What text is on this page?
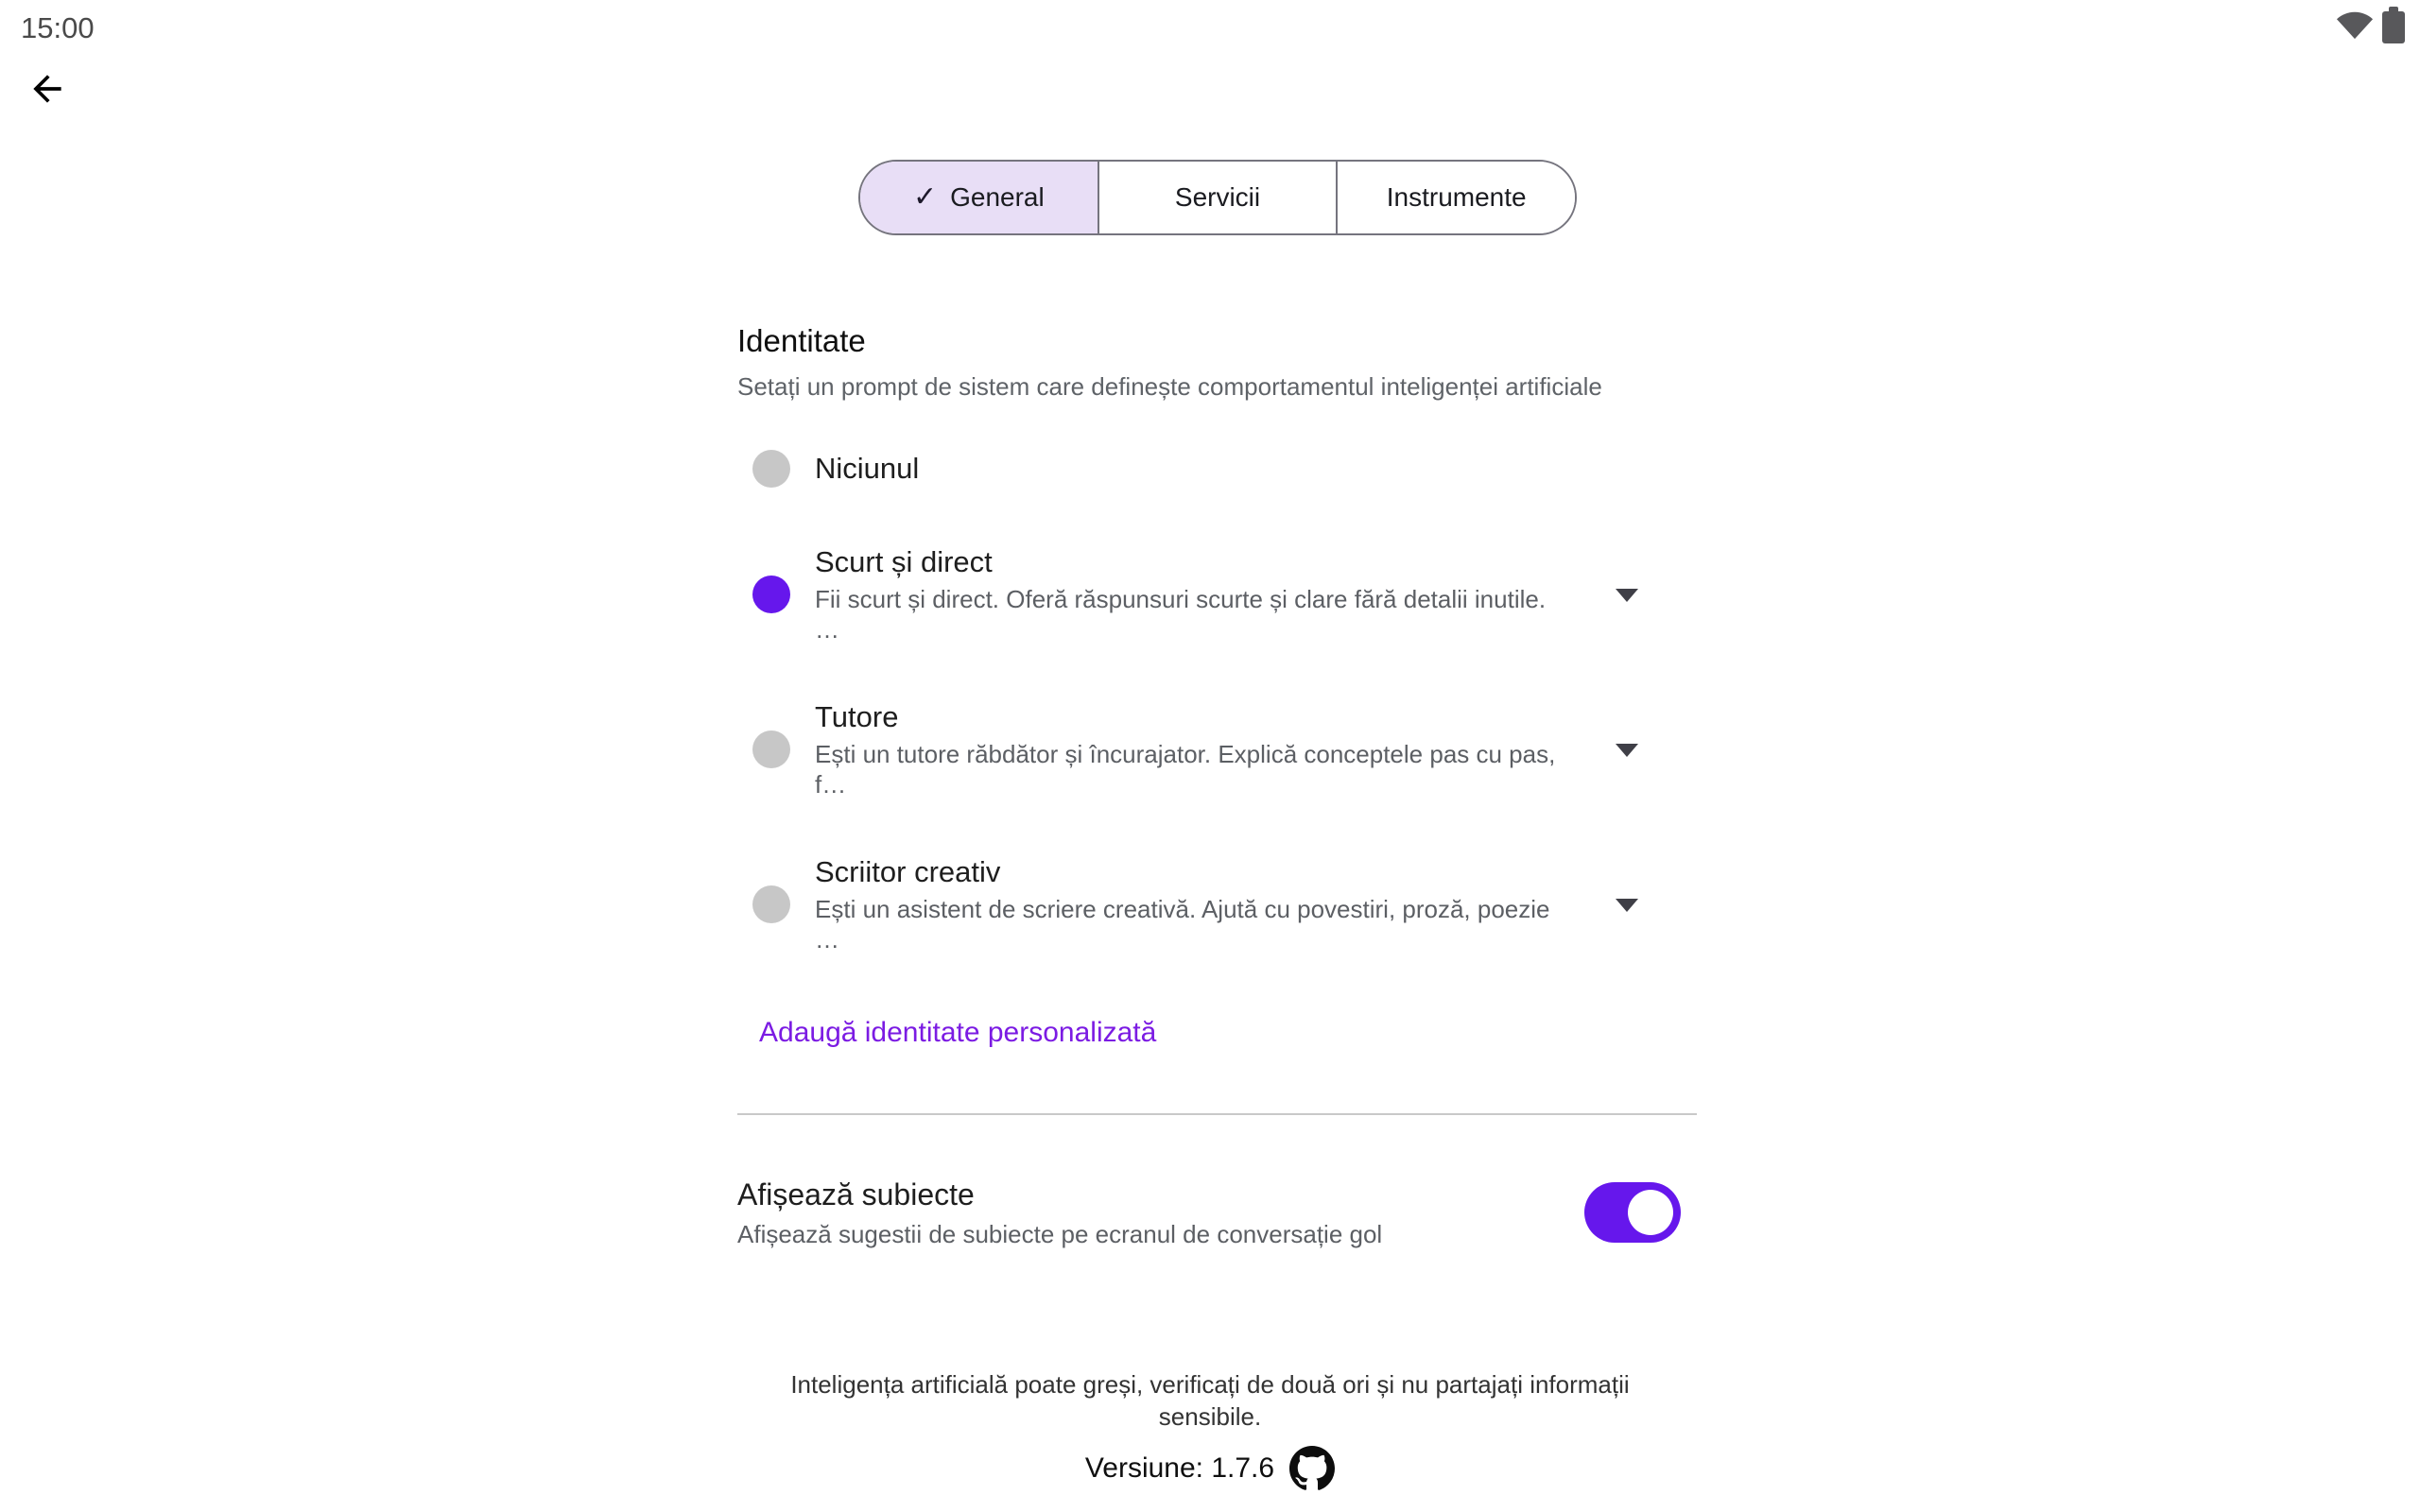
15:00
✓ General	Servicii	Instrumente
Identitate
Setați un prompt de sistem care definește comportamentul inteligenței artificiale
Niciunul
Scurt și direct
Fii scurt și direct. Oferă răspunsuri scurte și clare fără detalii inutile. …
Tutore
Ești un tutore răbdător și încurajator. Explică conceptele pas cu pas, f…
Scriitor creativ
Ești un asistent de scriere creativă. Ajută cu povestiri, proză, poezie …
Adaugă identitate personalizată
Afișează subiecte
Afișează sugestii de subiecte pe ecranul de conversație gol
Inteligența artificială poate greși, verificați de două ori și nu partajați informații
sensibile.
Versiune: 1.7.6
